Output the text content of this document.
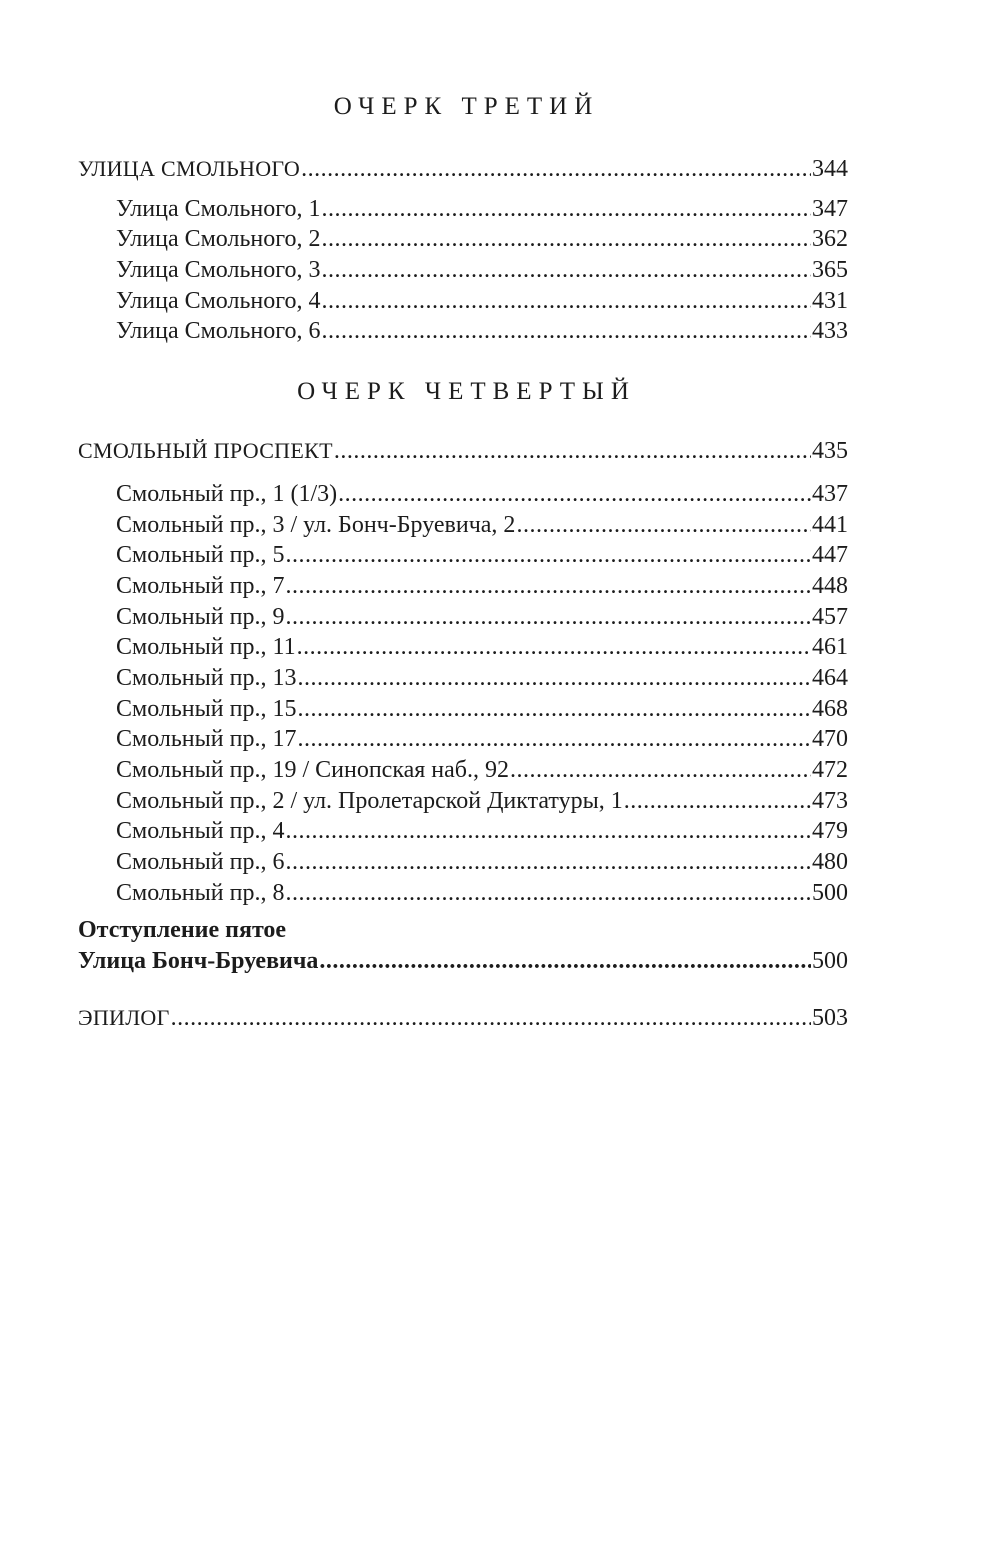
ОЧЕРК ТРЕТИЙ
УЛИЦА СМОЛЬНОГО .....	344
Улица Смольного, 1 .....	347
Улица Смольного, 2 .....	362
Улица Смольного, 3 .....	365
Улица Смольного, 4 .....	431
Улица Смольного, 6 .....	433
ОЧЕРК ЧЕТВЕРТЫЙ
СМОЛЬНЫЙ ПРОСПЕКТ .....	435
Смольный пр., 1 (1/3) .....	437
Смольный пр., 3 / ул. Бонч-Бруевича, 2 .....	441
Смольный пр., 5 .....	447
Смольный пр., 7 .....	448
Смольный пр., 9 .....	457
Смольный пр., 11 .....	461
Смольный пр., 13 .....	464
Смольный пр., 15 .....	468
Смольный пр., 17 .....	470
Смольный пр., 19 / Синопская наб., 92 .....	472
Смольный пр., 2 / ул. Пролетарской Диктатуры, 1 .....	473
Смольный пр., 4 .....	479
Смольный пр., 6 .....	480
Смольный пр., 8 .....	500
Отступление пятое
Улица Бонч-Бруевича .....	500
ЭПИЛОГ .....	503
